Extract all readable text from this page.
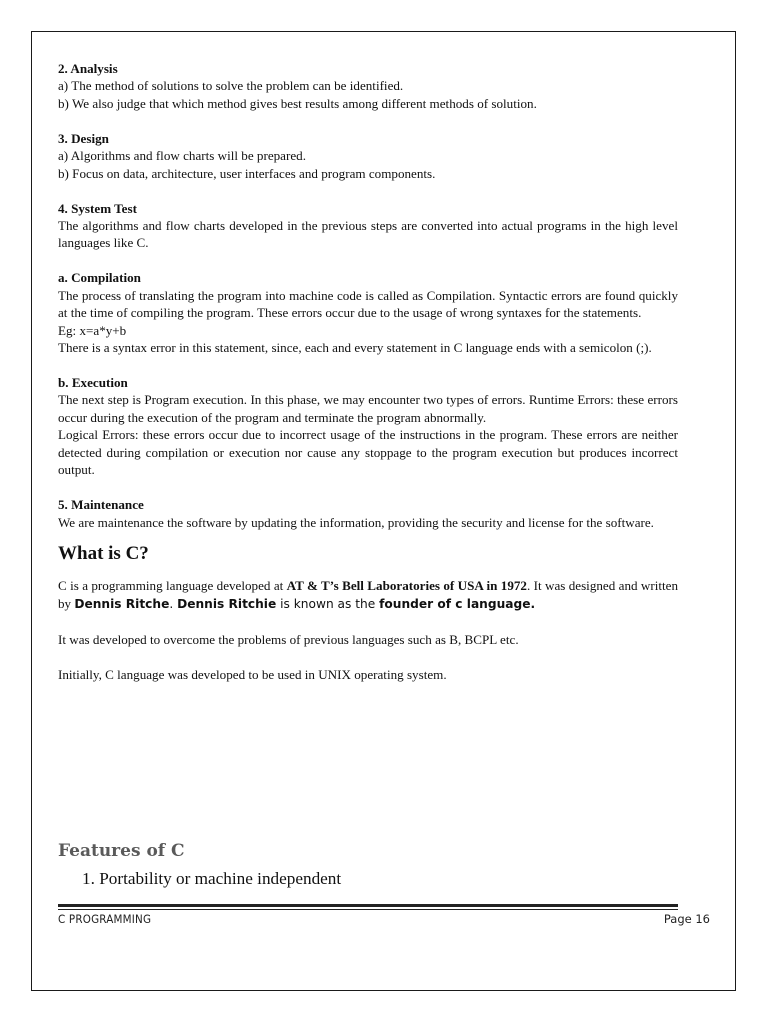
2. Analysis

a) The method of solutions to solve the problem can be identified.

b) We also judge that which method gives best results among different methods of solution.

3. Design

a) Algorithms and flow charts will be prepared.

b) Focus on data, architecture, user interfaces and program components.

4. System Test

The algorithms and flow charts developed in the previous steps are converted into actual programs in the high level languages like C.

a. Compilation

The process of translating the program into machine code is called as Compilation. Syntactic errors are found quickly at the time of compiling the program. These errors occur due to the usage of wrong syntaxes for the statements.

Eg: x=a*y+b

There is a syntax error in this statement, since, each and every statement in C language ends with a semicolon (;).

b. Execution

The next step is Program execution. In this phase, we may encounter two types of errors. Runtime Errors: these errors occur during the execution of the program and terminate the program abnormally.

Logical Errors: these errors occur due to incorrect usage of the instructions in the program. These errors are neither detected during compilation or execution nor cause any stoppage to the program execution but produces incorrect output.

5. Maintenance

We are maintenance the software by updating the information, providing the security and license for the software.

What is C?

C is a programming language developed at AT & T’s Bell Laboratories of USA in 1972. It was designed and written by Dennis Ritche. Dennis Ritchie is known as the founder of c language.

It was developed to overcome the problems of previous languages such as B, BCPL etc.

Initially, C language was developed to be used in UNIX operating system.

Features of C
1. Portability or machine independent
C PROGRAMMING	Page 16
